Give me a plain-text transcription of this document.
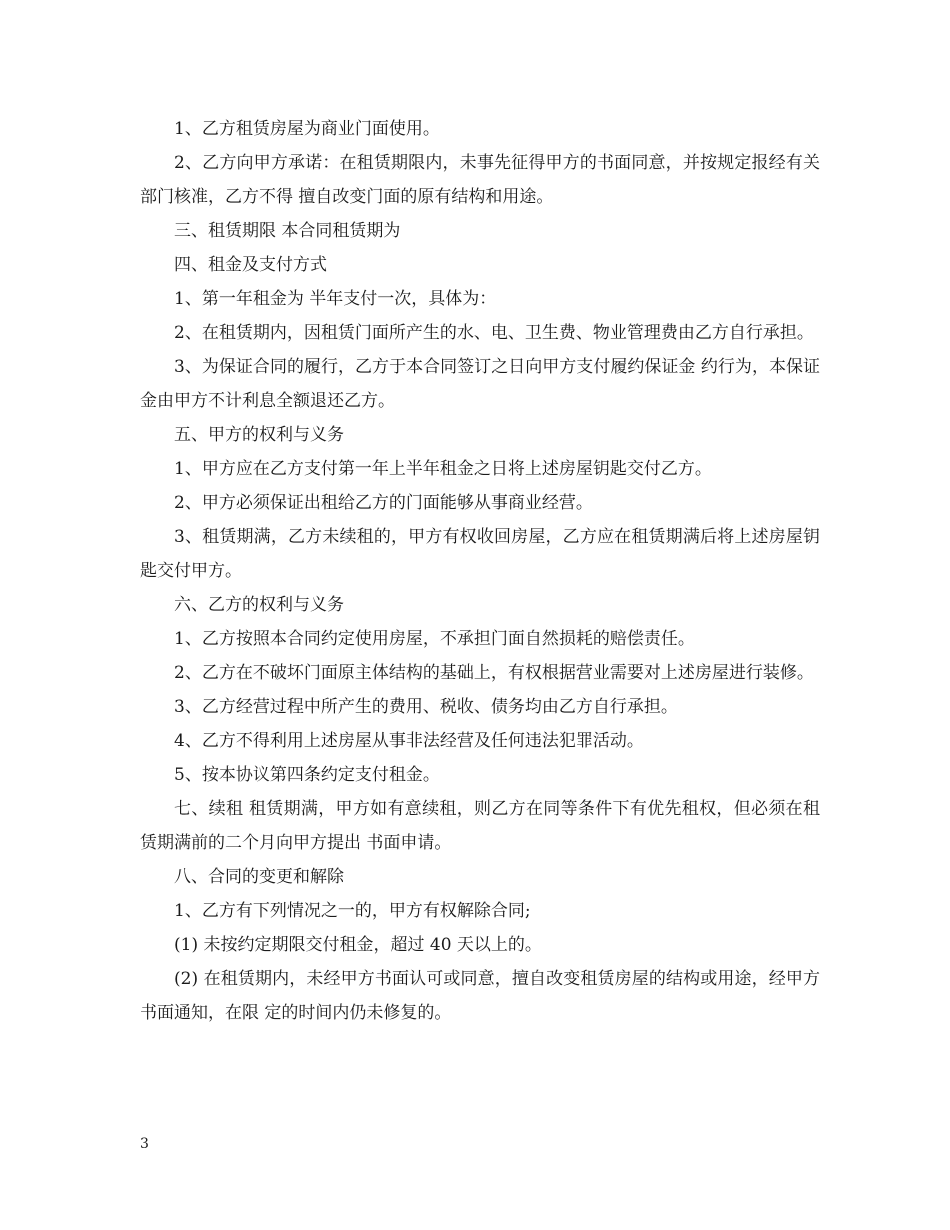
1、乙方租赁房屋为商业门面使用。

2、乙方向甲方承诺：在租赁期限内，未事先征得甲方的书面同意，并按规定报经有关部门核准，乙方不得 擅自改变门面的原有结构和用途。

三、租赁期限 本合同租赁期为

四、租金及支付方式

1、第一年租金为 半年支付一次，具体为：

2、在租赁期内，因租赁门面所产生的水、电、卫生费、物业管理费由乙方自行承担。

3、为保证合同的履行，乙方于本合同签订之日向甲方支付履约保证金 约行为，本保证金由甲方不计利息全额退还乙方。

五、甲方的权利与义务

1、甲方应在乙方支付第一年上半年租金之日将上述房屋钥匙交付乙方。

2、甲方必须保证出租给乙方的门面能够从事商业经营。

3、租赁期满，乙方未续租的，甲方有权收回房屋，乙方应在租赁期满后将上述房屋钥匙交付甲方。

六、乙方的权利与义务

1、乙方按照本合同约定使用房屋，不承担门面自然损耗的赔偿责任。

2、乙方在不破坏门面原主体结构的基础上，有权根据营业需要对上述房屋进行装修。

3、乙方经营过程中所产生的费用、税收、债务均由乙方自行承担。

4、乙方不得利用上述房屋从事非法经营及任何违法犯罪活动。

5、按本协议第四条约定支付租金。

七、续租 租赁期满，甲方如有意续租，则乙方在同等条件下有优先租权，但必须在租赁期满前的二个月向甲方提出 书面申请。

八、合同的变更和解除

1、乙方有下列情况之一的，甲方有权解除合同;

(1) 未按约定期限交付租金，超过 40 天以上的。

(2) 在租赁期内，未经甲方书面认可或同意，擅自改变租赁房屋的结构或用途，经甲方书面通知，在限 定的时间内仍未修复的。

3
